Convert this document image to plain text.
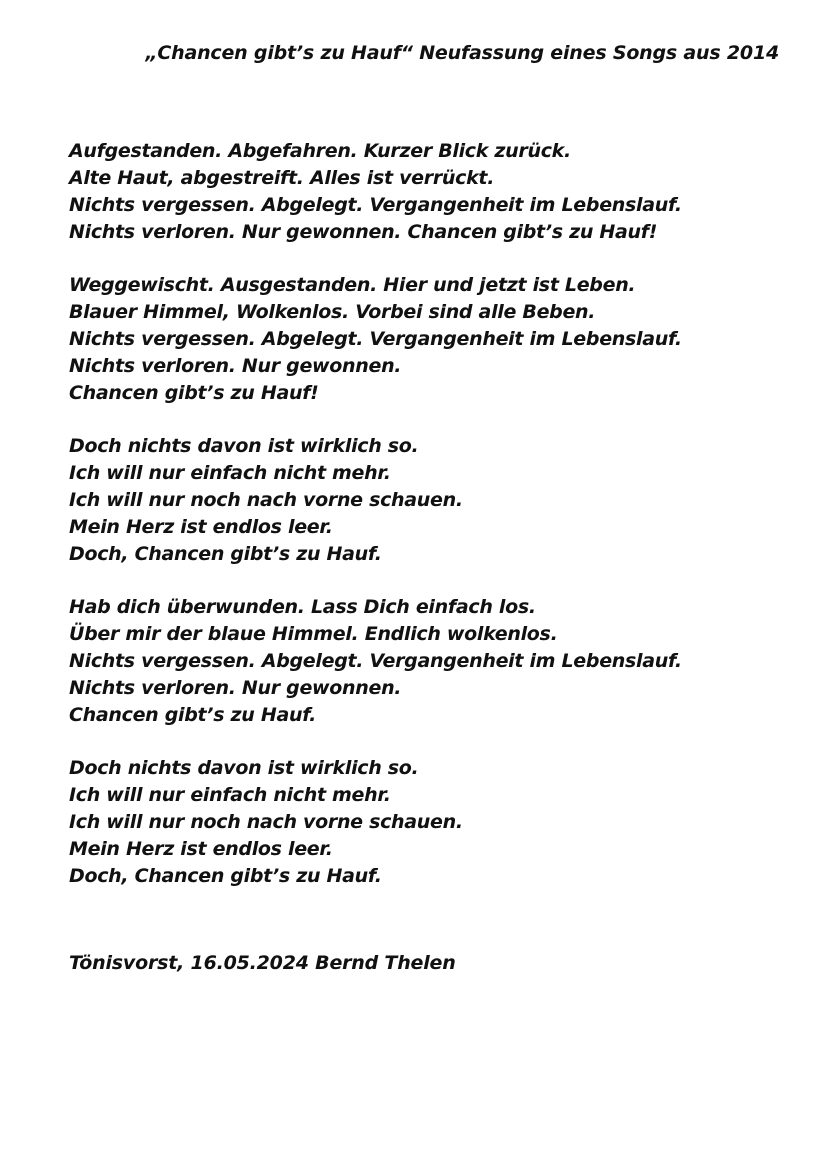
„Chancen gibt’s zu Hauf“ Neufassung eines Songs aus 2014
Aufgestanden. Abgefahren. Kurzer Blick zurück.
Alte Haut, abgestreift. Alles ist verrückt.
Nichts vergessen. Abgelegt. Vergangenheit im Lebenslauf.
Nichts verloren. Nur gewonnen. Chancen gibt’s zu Hauf!
Weggewischt. Ausgestanden. Hier und jetzt ist Leben.
Blauer Himmel, Wolkenlos. Vorbei sind alle Beben.
Nichts vergessen. Abgelegt. Vergangenheit im Lebenslauf.
Nichts verloren. Nur gewonnen.
Chancen gibt’s zu Hauf!
Doch nichts davon ist wirklich so.
Ich will nur einfach nicht mehr.
Ich will nur noch nach vorne schauen.
Mein Herz ist endlos leer.
Doch, Chancen gibt’s zu Hauf.
Hab dich überwunden. Lass Dich einfach los.
Über mir der blaue Himmel. Endlich wolkenlos.
Nichts vergessen. Abgelegt. Vergangenheit im Lebenslauf.
Nichts verloren. Nur gewonnen.
Chancen gibt’s zu Hauf.
Doch nichts davon ist wirklich so.
Ich will nur einfach nicht mehr.
Ich will nur noch nach vorne schauen.
Mein Herz ist endlos leer.
Doch, Chancen gibt’s zu Hauf.
Tönisvorst, 16.05.2024 Bernd Thelen
